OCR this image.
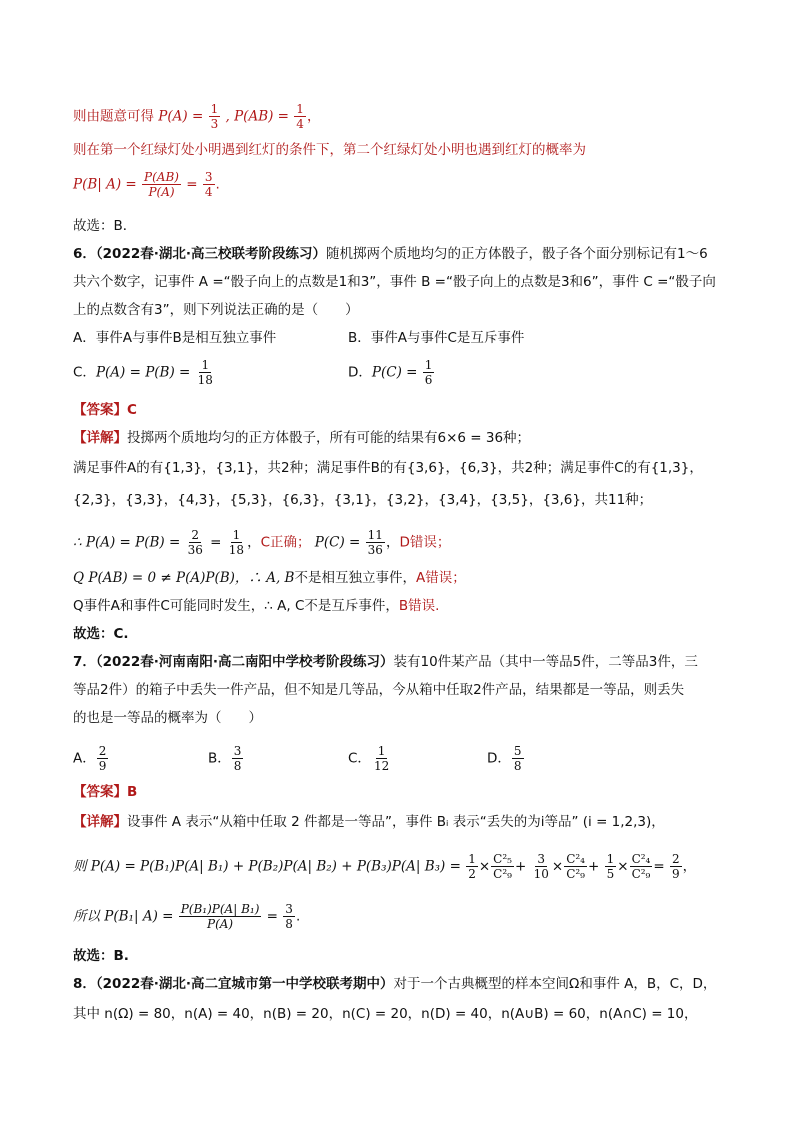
则由题意可得 $P(A) = \frac{1}{3}$ , $P(AB) = \frac{1}{4}$ ，
则在第一个红绿灯处小明遇到红灯的条件下，第二个红绿灯处小明也遇到红灯的概率为
P(B| $A) = \frac{P(AB)}{P(A)} = \frac{3}{4}$ .
故选：B．
6．（2022春·湖北·高三校联考阶段练习）随机掷两个质地均匀的正方体骰子，骰子各个面分别标记有1～6
共六个数字，记事件 A =“骰子向上的点数是1和3”，事件 B =“骰子向上的点数是3和6”，事件 C =“骰子向
上的点数含有3”，则下列说法正确的是（　　）
A．事件A与事件B是相互独立事件	B．事件A与事件C是互斥事件
C．$P(A) = P(B) = \frac{1}{18}$	D．$P(C) = \frac{1}{6}$
【答案】C
【详解】投掷两个质地均匀的正方体骰子，所有可能的结果有6×6 = 36种；
满足事件A的有{1,3}，{3,1}，共2种；满足事件B的有{3,6}，{6,3}，共2种；满足事件C的有{1,3}，
{2,3}，{3,3}，{4,3}，{5,3}，{6,3}，{3,1}，{3,2}，{3,4}，{3,5}，{3,6}，共11种；
∴ $P(A) = P(B) = \frac{2}{36} = \frac{1}{18}$ ，C正确； $P(C) = \frac{11}{36}$ ，D错误；
Q P(AB) = 0 ≠ P(A)P(B)，∴ A, B不是相互独立事件，A错误；
Q事件A和事件C可能同时发生，∴ A, C不是互斥事件，B错误.
故选：C.
7．（2022春·河南南阳·高二南阳中学校考阶段练习）装有10件某产品（其中一等品5件，二等品3件，三
等品2件）的箱子中丢失一件产品，但不知是几等品，今从箱中任取2件产品，结果都是一等品，则丢失
的也是一等品的概率为（　　）
A． $\frac{2}{9}$	B． $\frac{3}{8}$	C． $\frac{1}{12}$	D． $\frac{5}{8}$
【答案】B
【详解】设事件 A 表示“从箱中任取 2 件都是一等品”，事件 Bᵢ 表示“丢失的为i等品” (i = 1,2,3)，
则 P(A) = P(B₁)P(A| B₁) + P(B₂)P(A| B₂) + P(B₃)P(A| $B_3) = \frac{1}{2} \times \frac{\text{C²₅}}{\text{C²₉}} + \frac{3}{10} \times \frac{\text{C²₄}}{\text{C²₉}} + \frac{1}{5} \times \frac{\text{C²₄}}{\text{C²₉}} = \frac{2}{9}$ ，
所以 P(B₁| $A) = \frac{\text{P(B₁)P(A| B₁)}}{P(A)} = \frac{3}{8}$ .
故选：B.
8．（2022春·湖北·高二宜城市第一中学校联考期中）对于一个古典概型的样本空间Ω和事件 A，B，C，D，
其中 n(Ω) = 80，n(A) = 40，n(B) = 20，n(C) = 20，n(D) = 40，n(A∪B) = 60，n(A∩C) = 10，
